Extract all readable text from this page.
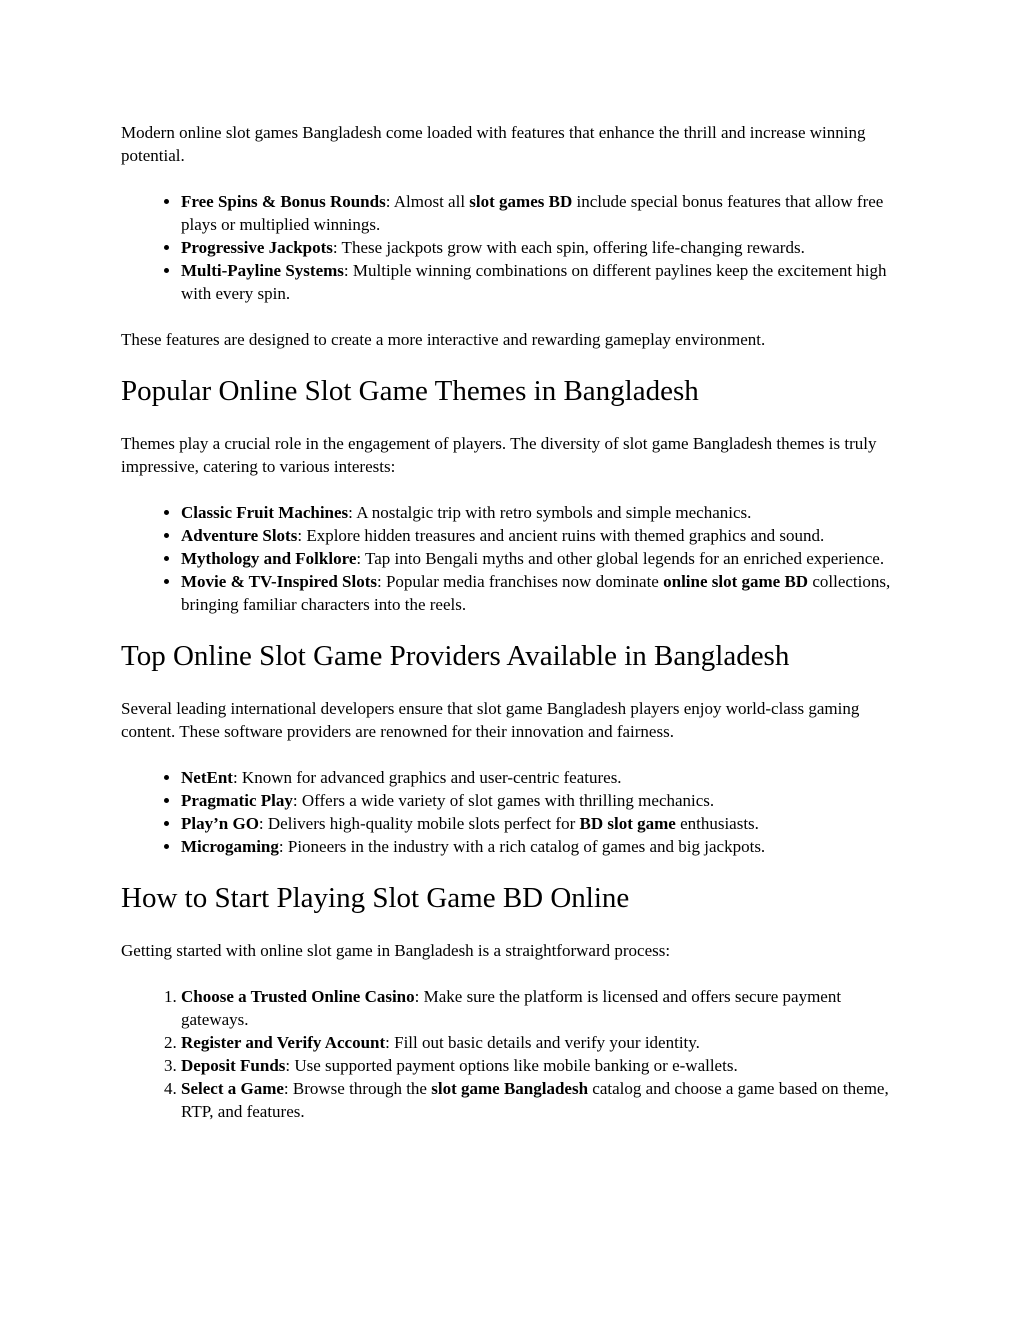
Modern online slot games Bangladesh come loaded with features that enhance the thrill and increase winning potential.

• Free Spins & Bonus Rounds: Almost all slot games BD include special bonus features that allow free plays or multiplied winnings.
• Progressive Jackpots: These jackpots grow with each spin, offering life-changing rewards.
• Multi-Payline Systems: Multiple winning combinations on different paylines keep the excitement high with every spin.

These features are designed to create a more interactive and rewarding gameplay environment.

Popular Online Slot Game Themes in Bangladesh

Themes play a crucial role in the engagement of players. The diversity of slot game Bangladesh themes is truly impressive, catering to various interests:

• Classic Fruit Machines: A nostalgic trip with retro symbols and simple mechanics.
• Adventure Slots: Explore hidden treasures and ancient ruins with themed graphics and sound.
• Mythology and Folklore: Tap into Bengali myths and other global legends for an enriched experience.
• Movie & TV-Inspired Slots: Popular media franchises now dominate online slot game BD collections, bringing familiar characters into the reels.
Top Online Slot Game Providers Available in Bangladesh

Several leading international developers ensure that slot game Bangladesh players enjoy world-class gaming content. These software providers are renowned for their innovation and fairness.

• NetEnt: Known for advanced graphics and user-centric features.
• Pragmatic Play: Offers a wide variety of slot games with thrilling mechanics.
• Play’n GO: Delivers high-quality mobile slots perfect for BD slot game enthusiasts.
• Microgaming: Pioneers in the industry with a rich catalog of games and big jackpots.
How to Start Playing Slot Game BD Online

Getting started with online slot game in Bangladesh is a straightforward process:

1. Choose a Trusted Online Casino: Make sure the platform is licensed and offers secure payment gateways.
2. Register and Verify Account: Fill out basic details and verify your identity.
3. Deposit Funds: Use supported payment options like mobile banking or e-wallets.
4. Select a Game: Browse through the slot game Bangladesh catalog and choose a game based on theme, RTP, and features.
